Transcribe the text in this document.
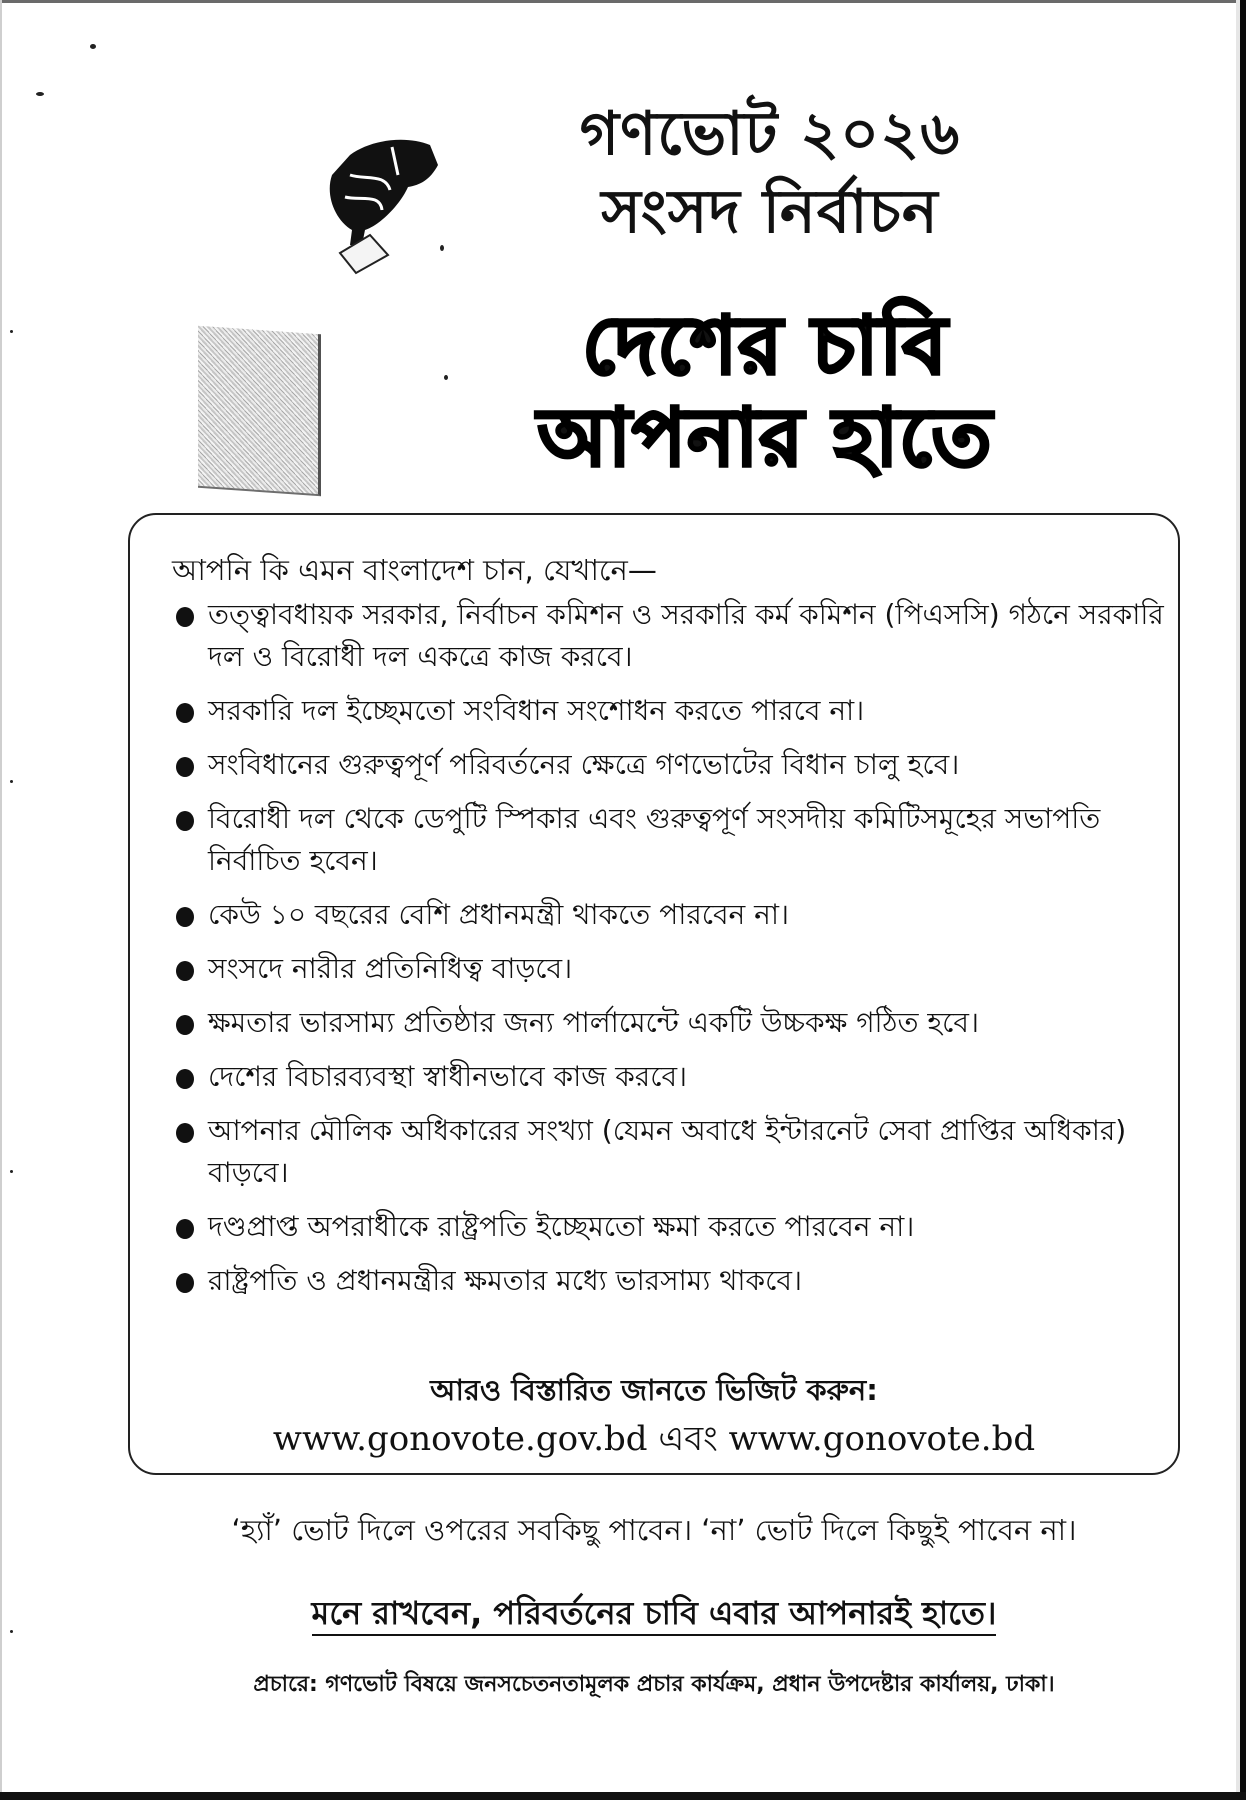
গণভোট ২০২৬
সংসদ নির্বাচন
দেশের চাবি
আপনার হাতে
আপনি কি এমন বাংলাদেশ চান, যেখানে—
তত্ত্বাবধায়ক সরকার, নির্বাচন কমিশন ও সরকারি কর্ম কমিশন (পিএসসি) গঠনে সরকারি দল ও বিরোধী দল একত্রে কাজ করবে।
সরকারি দল ইচ্ছেমতো সংবিধান সংশোধন করতে পারবে না।
সংবিধানের গুরুত্বপূর্ণ পরিবর্তনের ক্ষেত্রে গণভোটের বিধান চালু হবে।
বিরোধী দল থেকে ডেপুটি স্পিকার এবং গুরুত্বপূর্ণ সংসদীয় কমিটিসমূহের সভাপতি নির্বাচিত হবেন।
কেউ ১০ বছরের বেশি প্রধানমন্ত্রী থাকতে পারবেন না।
সংসদে নারীর প্রতিনিধিত্ব বাড়বে।
ক্ষমতার ভারসাম্য প্রতিষ্ঠার জন্য পার্লামেন্টে একটি উচ্চকক্ষ গঠিত হবে।
দেশের বিচারব্যবস্থা স্বাধীনভাবে কাজ করবে।
আপনার মৌলিক অধিকারের সংখ্যা (যেমন অবাধে ইন্টারনেট সেবা প্রাপ্তির অধিকার) বাড়বে।
দণ্ডপ্রাপ্ত অপরাধীকে রাষ্ট্রপতি ইচ্ছেমতো ক্ষমা করতে পারবেন না।
রাষ্ট্রপতি ও প্রধানমন্ত্রীর ক্ষমতার মধ্যে ভারসাম্য থাকবে।
আরও বিস্তারিত জানতে ভিজিট করুন:
www.gonovote.gov.bd এবং www.gonovote.bd
‘হ্যাঁ’ ভোট দিলে ওপরের সবকিছু পাবেন। ‘না’ ভোট দিলে কিছুই পাবেন না।
মনে রাখবেন, পরিবর্তনের চাবি এবার আপনারই হাতে।
প্রচারে: গণভোট বিষয়ে জনসচেতনতামূলক প্রচার কার্যক্রম, প্রধান উপদেষ্টার কার্যালয়, ঢাকা।
